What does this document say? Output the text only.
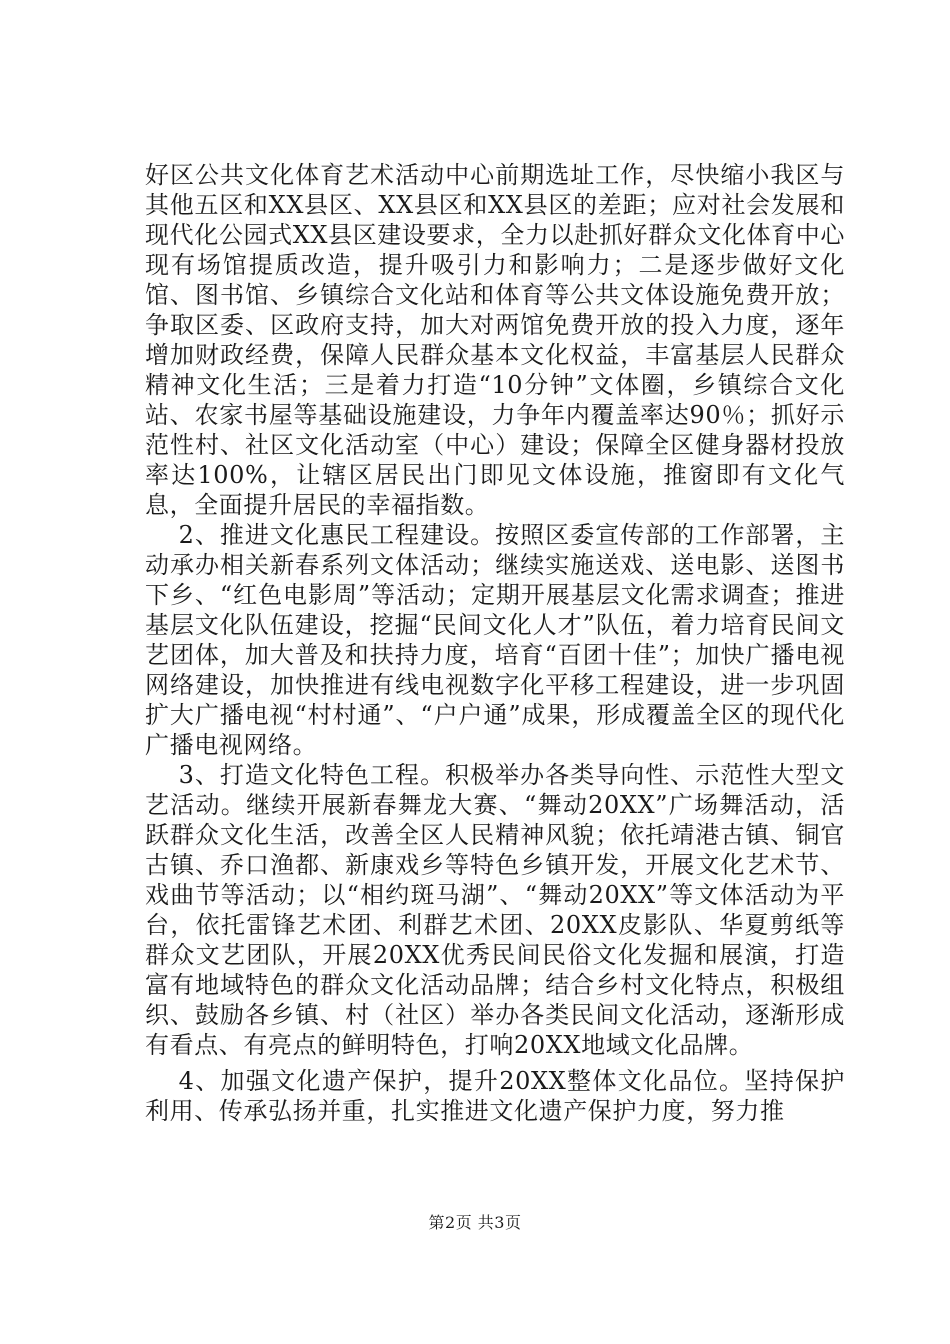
好区公共文化体育艺术活动中心前期选址工作，尽快缩小我区与其他五区和XX县区、XX县区和XX县区的差距；应对社会发展和现代化公园式XX县区建设要求，全力以赴抓好群众文化体育中心现有场馆提质改造，提升吸引力和影响力；二是逐步做好文化馆、图书馆、乡镇综合文化站和体育等公共文体设施免费开放；争取区委、区政府支持，加大对两馆免费开放的投入力度，逐年增加财政经费，保障人民群众基本文化权益，丰富基层人民群众精神文化生活；三是着力打造“10分钟”文体圈，乡镇综合文化站、农家书屋等基础设施建设，力争年内覆盖率达90％；抓好示范性村、社区文化活动室（中心）建设；保障全区健身器材投放率达100%，让辖区居民出门即见文体设施，推窗即有文化气息，全面提升居民的幸福指数。

2、推进文化惠民工程建设。按照区委宣传部的工作部署，主动承办相关新春系列文体活动；继续实施送戏、送电影、送图书下乡、“红色电影周”等活动；定期开展基层文化需求调查；推进基层文化队伍建设，挖掘“民间文化人才”队伍，着力培育民间文艺团体，加大普及和扶持力度，培育“百团十佳”；加快广播电视网络建设，加快推进有线电视数字化平移工程建设，进一步巩固扩大广播电视“村村通”、“户户通”成果，形成覆盖全区的现代化广播电视网络。

3、打造文化特色工程。积极举办各类导向性、示范性大型文艺活动。继续开展新春舞龙大赛、“舞动20XX”广场舞活动，活跃群众文化生活，改善全区人民精神风貌；依托靖港古镇、铜官古镇、乔口渔都、新康戏乡等特色乡镇开发，开展文化艺术节、戏曲节等活动；以“相约斑马湖”、“舞动20XX”等文体活动为平台，依托雷锋艺术团、利群艺术团、20XX皮影队、华夏剪纸等群众文艺团队，开展20XX优秀民间民俗文化发掘和展演，打造富有地域特色的群众文化活动品牌；结合乡村文化特点，积极组织、鼓励各乡镇、村（社区）举办各类民间文化活动，逐渐形成有看点、有亮点的鲜明特色，打响20XX地域文化品牌。

4、加强文化遗产保护，提升20XX整体文化品位。坚持保护利用、传承弘扬并重，扎实推进文化遗产保护力度，努力推

第2页 共3页
